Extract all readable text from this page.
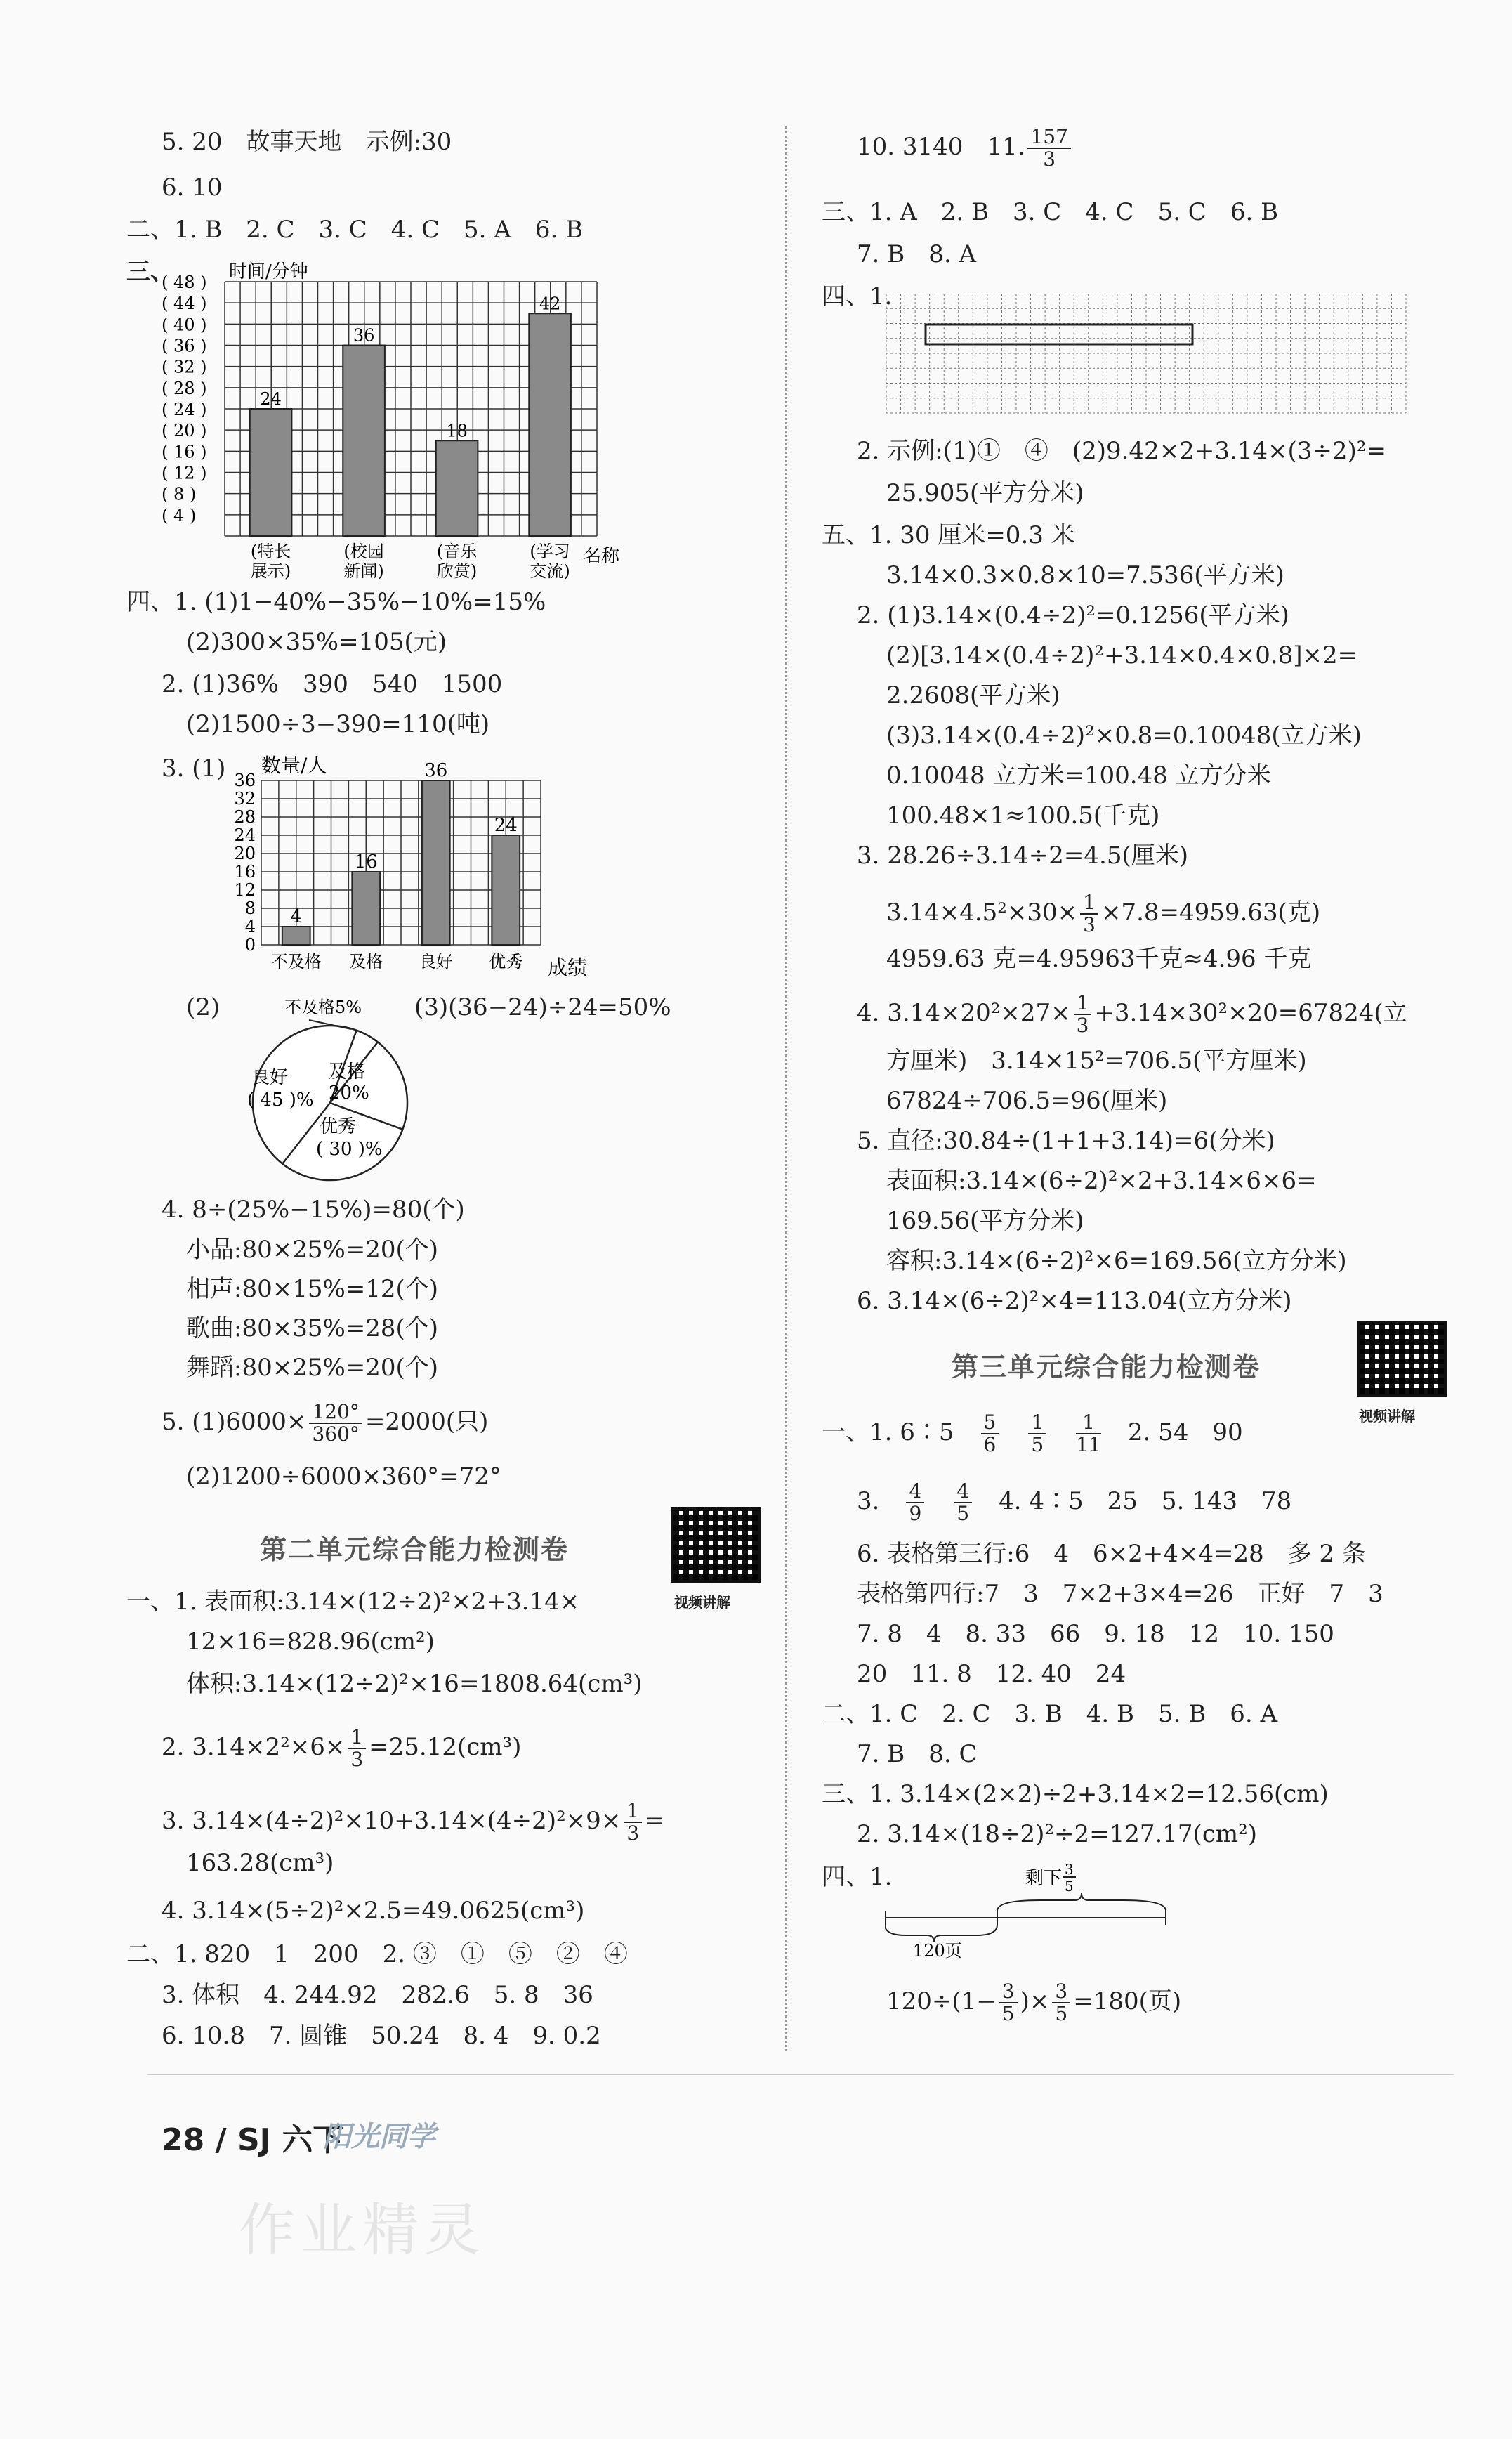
5. 20　故事天地　示例:30
6. 10
二、1. B　2. C　3. C　4. C　5. A　6. B
三、
( 48 )
( 44 )
( 40 )
( 36 )
( 32 )
( 28 )
( 24 )
( 20 )
( 16 )
( 12 )
( 8 )
( 4 )
24
(特长
展示)
36
(校园
新闻)
18
(音乐
欣赏)
42
(学习
交流)
时间/分钟
名称
四、1. (1)1−40%−35%−10%=15%
(2)300×35%=105(元)
2. (1)36%　390　540　1500
(2)1500÷3−390=110(吨)
3. (1) 36
32
28
24
20
16
12
8
4
0
4
不及格
16
及格
36
良好
24
优秀
数量/人
成绩
(2)	(3)(36−24)÷24=50%
不及格5%
及格
20%
良好
( 45 )%
优秀
( 30 )%
4. 8÷(25%−15%)=80(个)
小品:80×25%=20(个)
相声:80×15%=12(个)
歌曲:80×35%=28(个)
舞蹈:80×25%=20(个)
5. $(1)6000\times \frac{120^\circ}{360^\circ} =2000$(只)
(2)1200÷6000×360°=72°
第二单元综合能力检测卷
视频讲解
一、1. 表面积:3.14×(12÷2)²×2+3.14×
12×16=828.96(cm²)
体积:3.14×(12÷2)²×16=1808.64(cm³)
2. $3.14\times 2^2\times 6\times \frac{1}{3} =25.12(cm^3)$
3. $3.14\times(4\div 2)^2\times 10+3.14\times(4\div 2)^2\times 9\times \frac{1}{3}$ =
163.28(cm³)
4. 3.14×(5÷2)²×2.5=49.0625(cm³)
二、1. 820　1　200　2. ③　①　⑤　②　④
3. 体积　4. 244.92　282.6　5. 8　36
6. 10.8　7. 圆锥　50.24　8. 4　9. 0.2
10. 3140　11. $\frac{157}{3}$
三、1. A　2. B　3. C　4. C　5. C　6. B
7. B　8. A
四、1.
2. 示例:(1)①　④　(2)9.42×2+3.14×(3÷2)²=
25.905(平方分米)
五、1. 30 厘米=0.3 米
3.14×0.3×0.8×10=7.536(平方米)
2. (1)3.14×(0.4÷2)²=0.1256(平方米)
(2)[3.14×(0.4÷2)²+3.14×0.4×0.8]×2=
2.2608(平方米)
(3)3.14×(0.4÷2)²×0.8=0.10048(立方米)
0.10048 立方米=100.48 立方分米
100.48×1≈100.5(千克)
3. 28.26÷3.14÷2=4.5(厘米)
$3.14\times 4.5^2\times 30\times \frac{1}{3} \times 7.8=4959.63$(克)
4959.63 克=4.95963千克≈4.96 千克
4. $3.14\times 20^2\times 27\times \frac{1}{3} +3.14\times 30^2\times 20=67824$(立
方厘米)　3.14×15²=706.5(平方厘米)
67824÷706.5=96(厘米)
5. 直径:30.84÷(1+1+3.14)=6(分米)
表面积:3.14×(6÷2)²×2+3.14×6×6=
169.56(平方分米)
容积:3.14×(6÷2)²×6=169.56(立方分米)
6. 3.14×(6÷2)²×4=113.04(立方分米)
第三单元综合能力检测卷
视频讲解
一、1. 6∶5　 $\frac{5}{6}$
　 $\frac{1}{5}$
　 $\frac{1}{11}$
　 2. 54　90
3.　 $\frac{4}{9}$
　 $\frac{4}{5}$
　 4. 4∶5　25　5. 143　78
6. 表格第三行:6　4　6×2+4×4=28　多 2 条
表格第四行:7　3　7×2+3×4=26　正好　7　3
7. 8　4　8. 33　66　9. 18　12　10. 150
20　11. 8　12. 40　24
二、1. C　2. C　3. B　4. B　5. B　6. A
7. B　8. C
三、1. 3.14×(2×2)÷2+3.14×2=12.56(cm)
2. 3.14×(18÷2)²÷2=127.17(cm²)
四、1.	剩下 3
5
120页
$120\div(1- \frac{3}{5}$ )× $\frac{3}{5} =180$(页)
28 / SJ 六下
阳光同学
作业精灵
